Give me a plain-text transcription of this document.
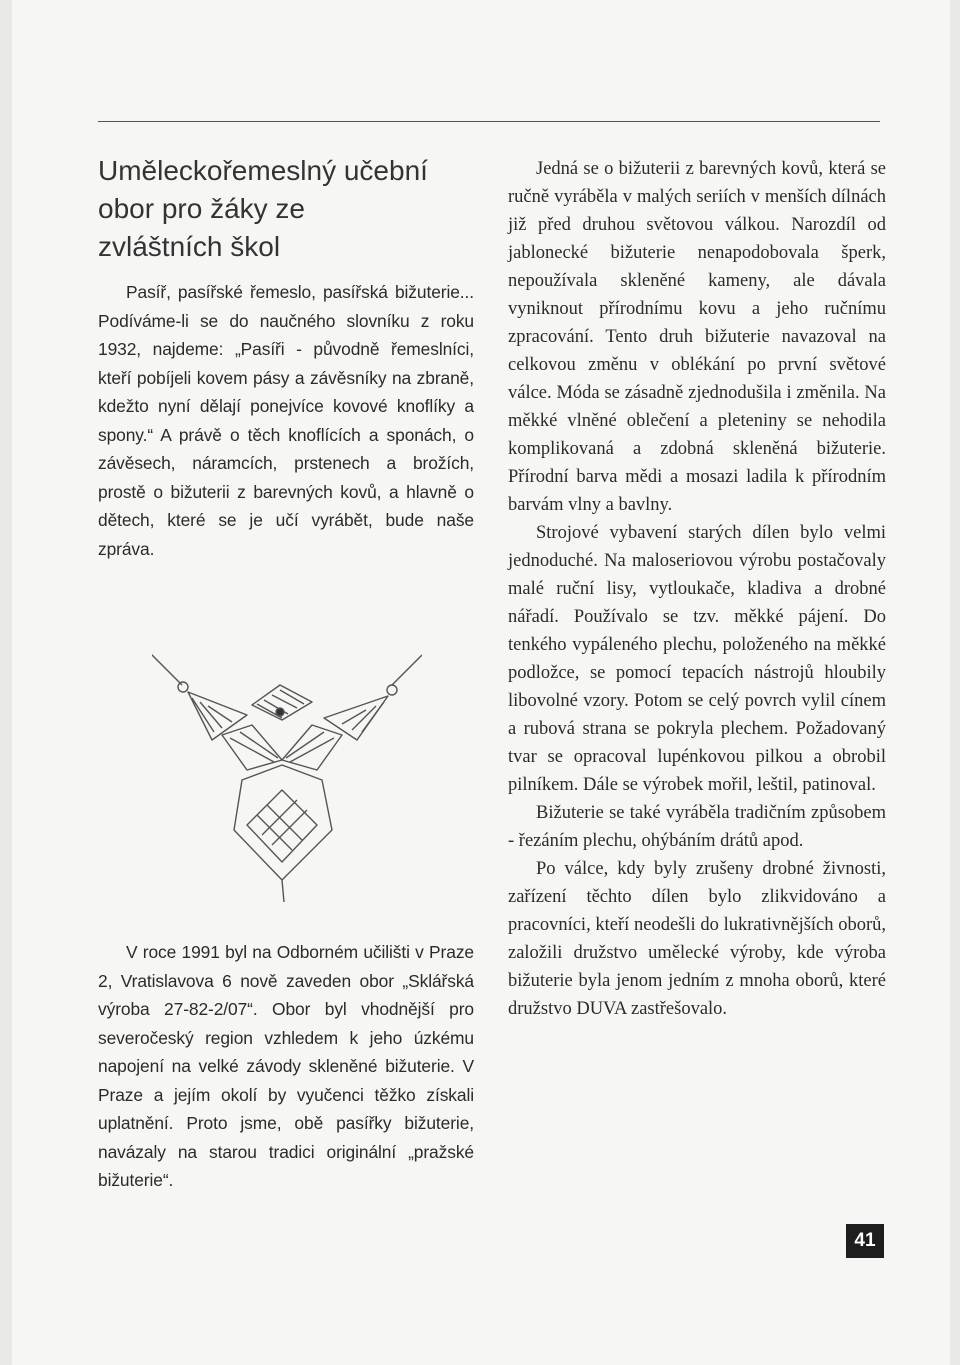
Uměleckořemeslný učební obor pro žáky ze zvláštních škol

Pasíř, pasířské řemeslo, pasířská bižuterie... Podíváme-li se do naučného slovníku z roku 1932, najdeme: „Pasíři - původně řemeslníci, kteří pobíjeli kovem pásy a závěsníky na zbraně, kdežto nyní dělají ponejvíce kovové knoflíky a spony.“ A právě o těch knoflících a sponách, o závěsech, náramcích, prstenech a brožích, prostě o bižuterii z barevných kovů, a hlavně o dětech, které se je učí vyrábět, bude naše zpráva.

V roce 1991 byl na Odborném učilišti v Praze 2, Vratislavova 6 nově zaveden obor „Sklářská výroba 27-82-2/07“. Obor byl vhodnější pro severočeský region vzhledem k jeho úzkému napojení na velké závody skleněné bižuterie. V Praze a jejím okolí by vyučenci těžko získali uplatnění. Proto jsme, obě pasířky bižuterie, navázaly na starou tradici originální „pražské bižuterie“.

Jedná se o bižuterii z barevných kovů, která se ručně vyráběla v malých seriích v menších dílnách již před druhou světovou válkou. Narozdíl od jablonecké bižuterie nenapodobovala šperk, nepoužívala skleněné kameny, ale dávala vyniknout přírodnímu kovu a jeho ručnímu zpracování. Tento druh bižuterie navazoval na celkovou změnu v oblékání po první světové válce. Móda se zásadně zjednodušila i změnila. Na měkké vlněné oblečení a pleteniny se nehodila komplikovaná a zdobná skleněná bižuterie. Přírodní barva mědi a mosazi ladila k přírodním barvám vlny a bavlny.

Strojové vybavení starých dílen bylo velmi jednoduché. Na maloseriovou výrobu postačovaly malé ruční lisy, vytloukače, kladiva a drobné nářadí. Používalo se tzv. měkké pájení. Do tenkého vypáleného plechu, položeného na měkké podložce, se pomocí tepacích nástrojů hloubily libovolné vzory. Potom se celý povrch vylil cínem a rubová strana se pokryla plechem. Požadovaný tvar se opracoval lupénkovou pilkou a obrobil pilníkem. Dále se výrobek mořil, leštil, patinoval.

Bižuterie se také vyráběla tradičním způsobem - řezáním plechu, ohýbáním drátů apod.

Po válce, kdy byly zrušeny drobné živnosti, zařízení těchto dílen bylo zlikvidováno a pracovníci, kteří neodešli do lukrativnějších oborů, založili družstvo umělecké výroby, kde výroba bižuterie byla jenom jedním z mnoha oborů, které družstvo DUVA zastřešovalo.

41
